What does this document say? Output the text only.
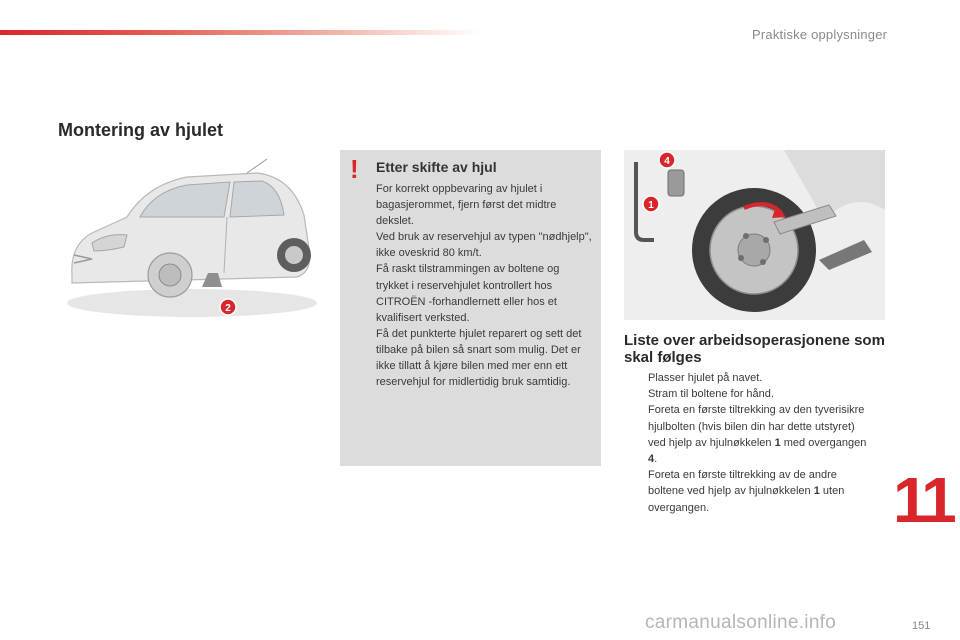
Praktiske opplysninger
Montering av hjulet
2
! Etter skifte av hjul

For korrekt oppbevaring av hjulet i bagasjerommet, fjern først det midtre dekslet.

Ved bruk av reservehjul av typen "nødhjelp", ikke oveskrid 80 km/t.

Få raskt tilstrammingen av boltene og trykket i reservehjulet kontrollert hos CITROËN -forhandlernett eller hos et kvalifisert verksted.

Få det punkterte hjulet reparert og sett det tilbake på bilen så snart som mulig. Det er ikke tillatt å kjøre bilen med mer enn ett reservehjul for midlertidig bruk samtidig.

4
1
Liste over arbeidsoperasjonene som skal følges
Plasser hjulet på navet.
Stram til boltene for hånd.
Foreta en første tiltrekking av den tyverisikre hjulbolten (hvis bilen din har dette utstyret) ved hjelp av hjulnøkkelen 1 med overgangen 4.
Foreta en første tiltrekking av de andre boltene ved hjelp av hjulnøkkelen 1 uten overgangen.	11
carmanualsonline.info	151
